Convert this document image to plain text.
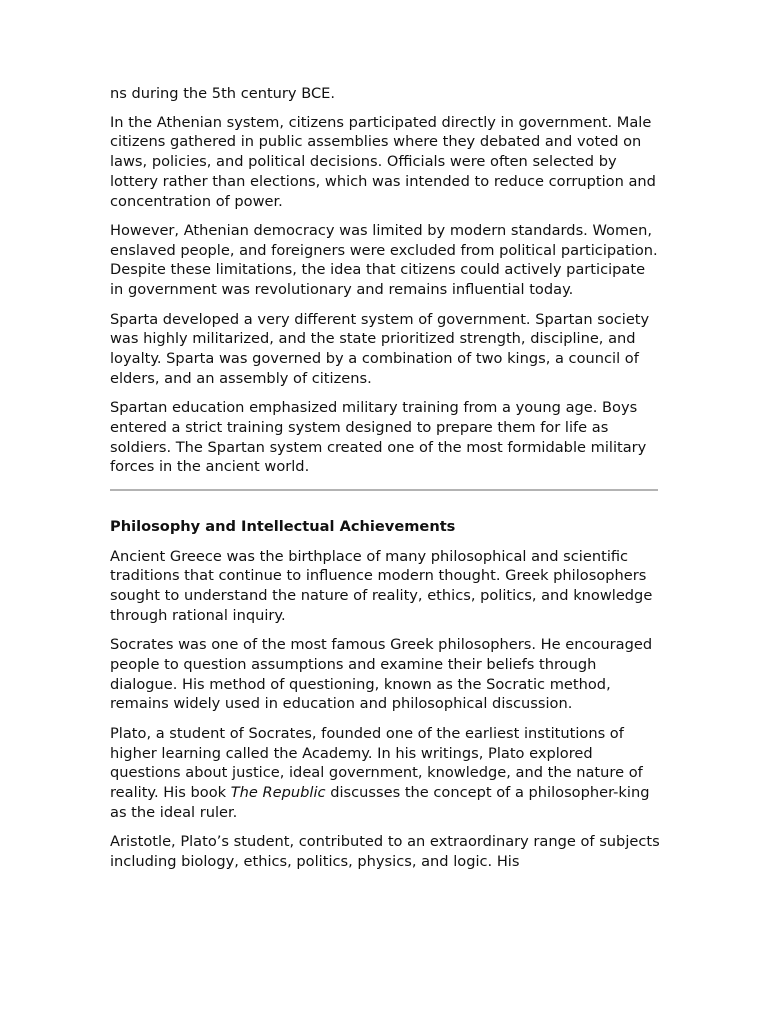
ns during the 5th century BCE.

In the Athenian system, citizens participated directly in government. Male citizens gathered in public assemblies where they debated and voted on laws, policies, and political decisions. Officials were often selected by lottery rather than elections, which was intended to reduce corruption and concentration of power.

However, Athenian democracy was limited by modern standards. Women, enslaved people, and foreigners were excluded from political participation. Despite these limitations, the idea that citizens could actively participate in government was revolutionary and remains influential today.

Sparta developed a very different system of government. Spartan society was highly militarized, and the state prioritized strength, discipline, and loyalty. Sparta was governed by a combination of two kings, a council of elders, and an assembly of citizens.

Spartan education emphasized military training from a young age. Boys entered a strict training system designed to prepare them for life as soldiers. The Spartan system created one of the most formidable military forces in the ancient world.

Philosophy and Intellectual Achievements

Ancient Greece was the birthplace of many philosophical and scientific traditions that continue to influence modern thought. Greek philosophers sought to understand the nature of reality, ethics, politics, and knowledge through rational inquiry.

Socrates was one of the most famous Greek philosophers. He encouraged people to question assumptions and examine their beliefs through dialogue. His method of questioning, known as the Socratic method, remains widely used in education and philosophical discussion.

Plato, a student of Socrates, founded one of the earliest institutions of higher learning called the Academy. In his writings, Plato explored questions about justice, ideal government, knowledge, and the nature of reality. His book The Republic discusses the concept of a philosopher-king as the ideal ruler.

Aristotle, Plato’s student, contributed to an extraordinary range of subjects including biology, ethics, politics, physics, and logic. His
